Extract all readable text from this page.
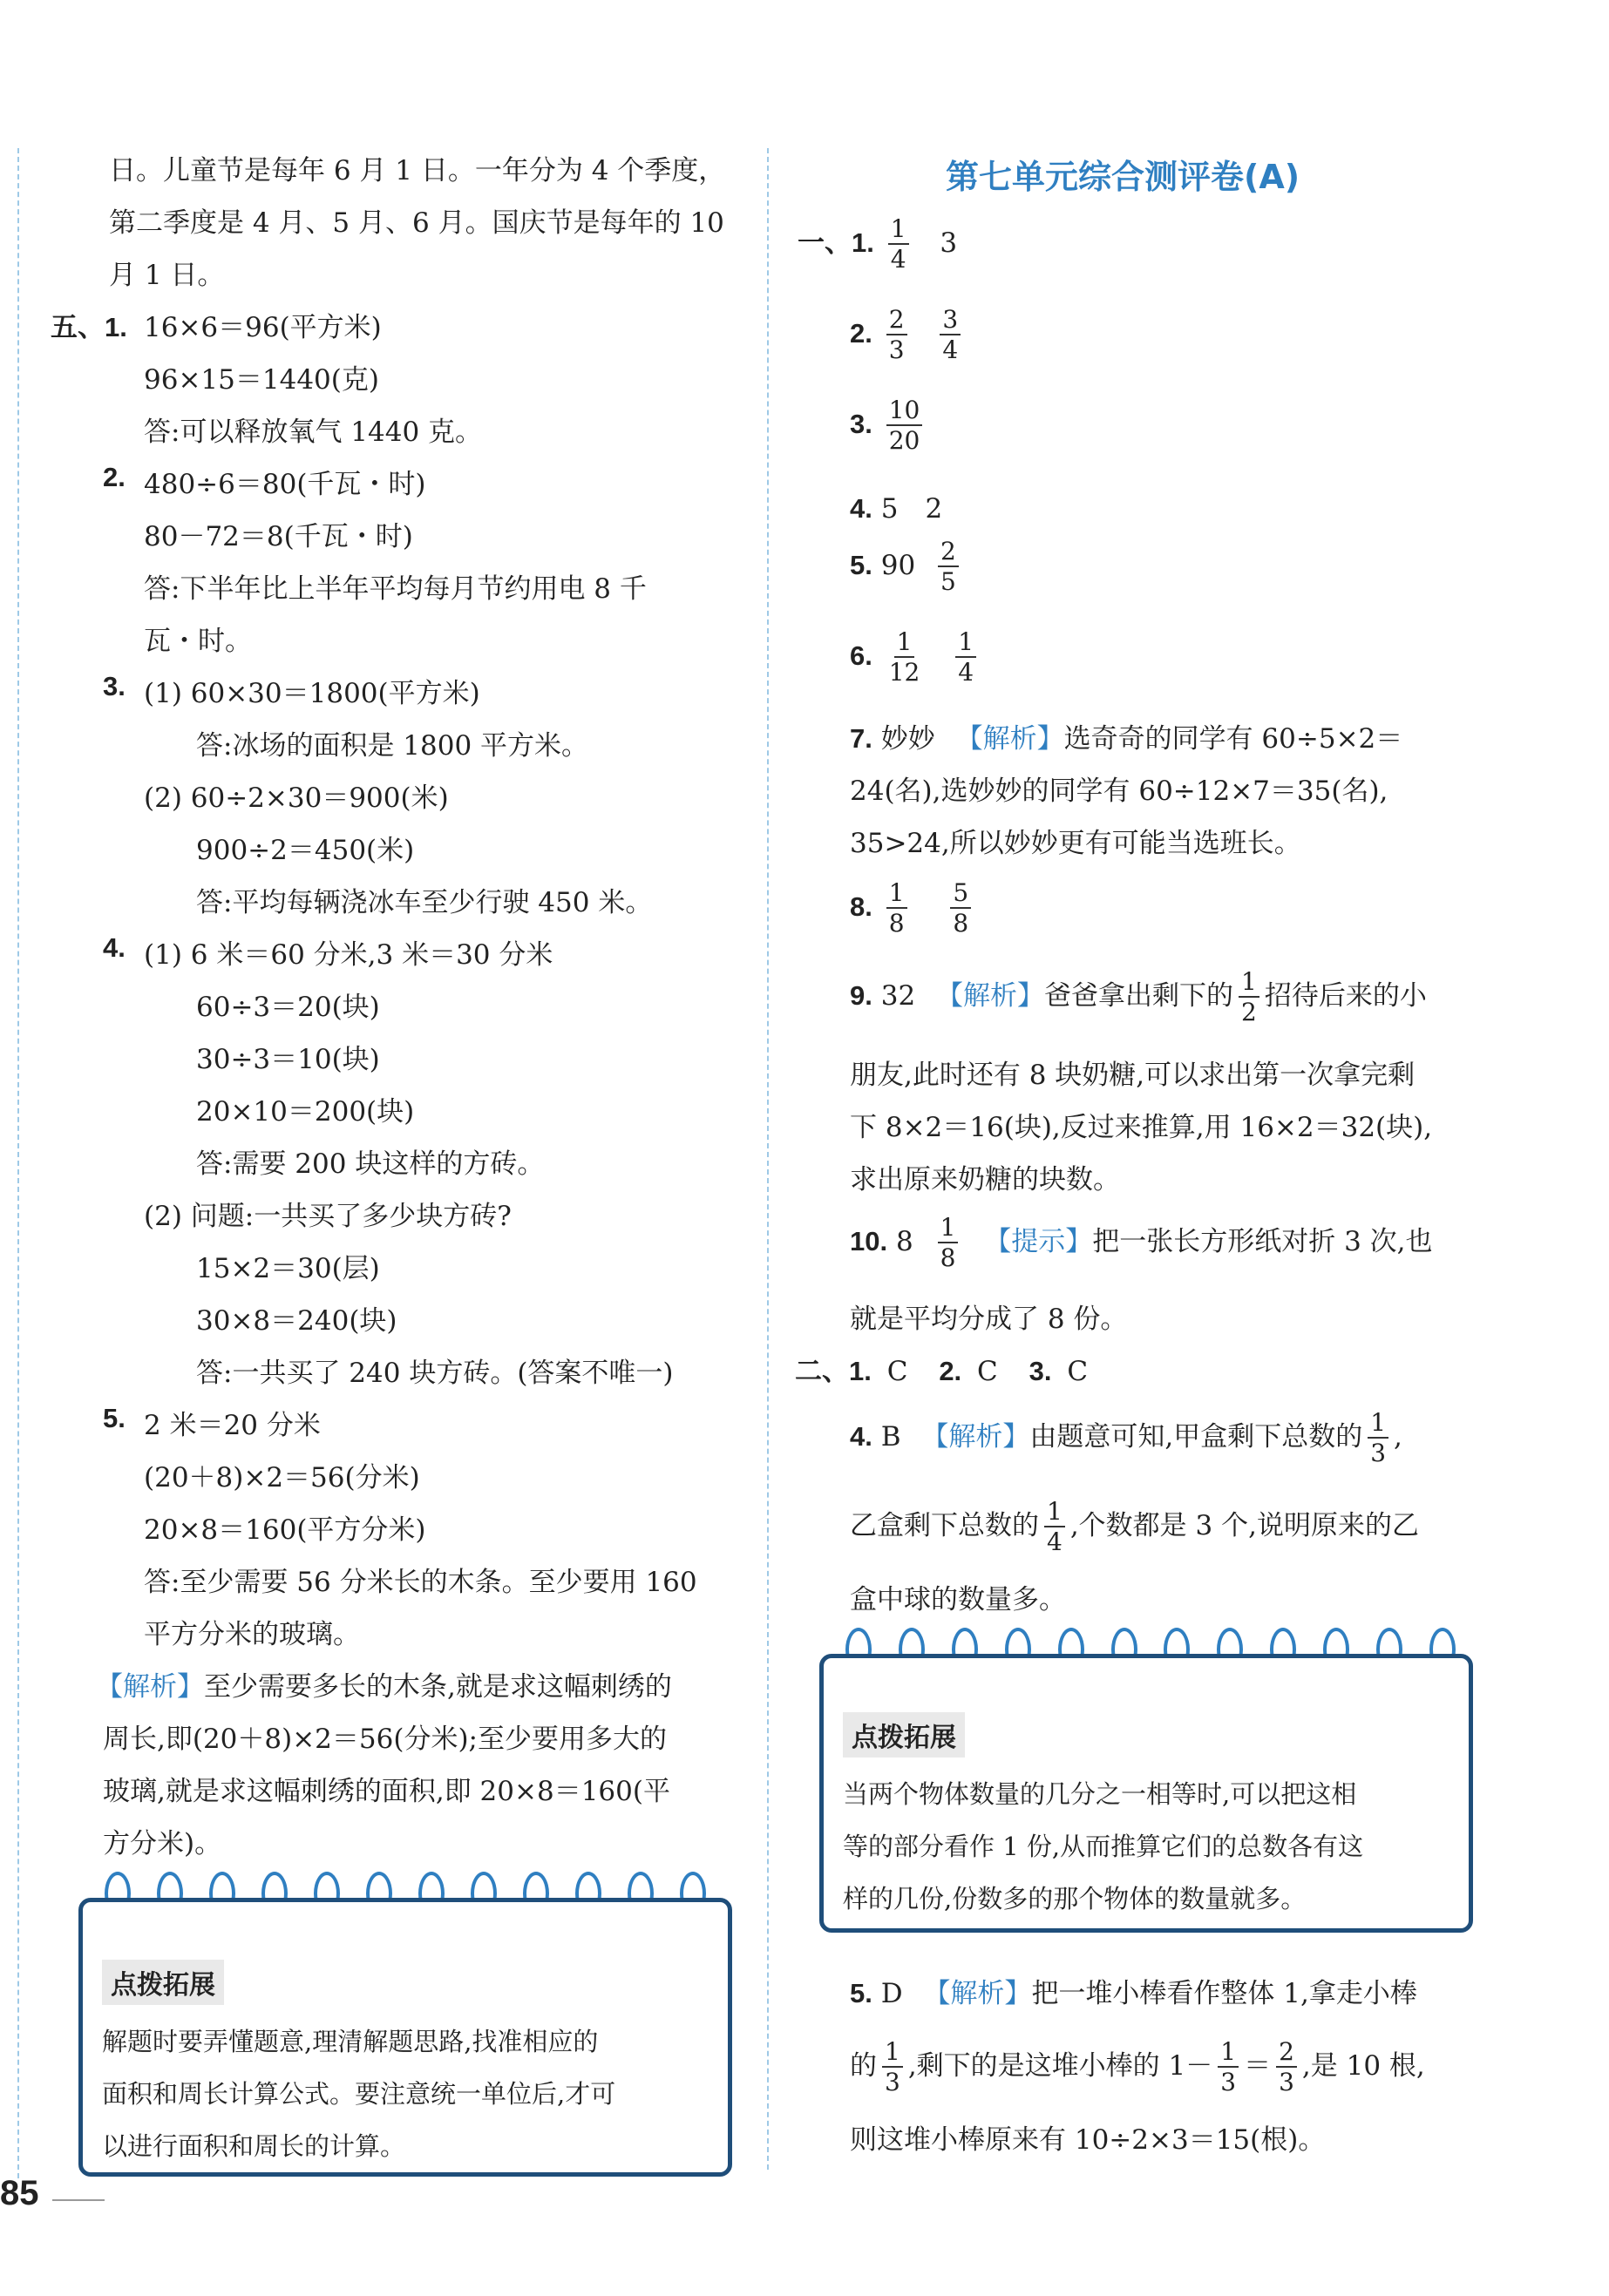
日。儿童节是每年 6 月 1 日。一年分为 4 个季度，
第二季度是 4 月、5 月、6 月。国庆节是每年的 10
月 1 日。
五、1. 16×6＝96(平方米)
96×15＝1440(克)
答:可以释放氧气 1440 克。
2. 480÷6＝80(千瓦・时)
80－72＝8(千瓦・时)
答:下半年比上半年平均每月节约用电 8 千
瓦・时。
3. (1) 60×30＝1800(平方米)
答:冰场的面积是 1800 平方米。
(2) 60÷2×30＝900(米)
900÷2＝450(米)
答:平均每辆浇冰车至少行驶 450 米。
4. (1) 6 米＝60 分米,3 米＝30 分米
60÷3＝20(块)
30÷3＝10(块)
20×10＝200(块)
答:需要 200 块这样的方砖。
(2) 问题:一共买了多少块方砖?
15×2＝30(层)
30×8＝240(块)
答:一共买了 240 块方砖。(答案不唯一)
5. 2 米＝20 分米
(20＋8)×2＝56(分米)
20×8＝160(平方分米)
答:至少需要 56 分米长的木条。至少要用 160
平方分米的玻璃。
【解析】至少需要多长的木条,就是求这幅刺绣的
周长,即(20＋8)×2＝56(分米);至少要用多大的
玻璃,就是求这幅刺绣的面积,即 20×8＝160(平
方分米)。
点拨拓展
解题时要弄懂题意,理清解题思路,找准相应的
面积和周长计算公式。要注意统一单位后,才可
以进行面积和周长的计算。
85
第七单元综合测评卷(A)
一、1. $\frac{1}{4} 3$
2. $\frac{2}{3}$
$\frac{3}{4}$
3. $\frac{10}{20}$
4. 5　2
5. $90 \frac{2}{5}$
6. $\frac{1}{12}$
$\frac{1}{4}$
7. 妙妙 【解析】选奇奇的同学有 60÷5×2＝
24(名),选妙妙的同学有 60÷12×7＝35(名),
35>24,所以妙妙更有可能当选班长。
8. $\frac{1}{8}$
$\frac{5}{8}$
9. 32 【解析】爸爸拿出剩下的 $\frac{1}{2}$ 招待后来的小
朋友,此时还有 8 块奶糖,可以求出第一次拿完剩
下 8×2＝16(块),反过来推算,用 16×2＝32(块),
求出原来奶糖的块数。
10. $8 \frac{1}{8}$ 【提示】把一张长方形纸对折 3 次,也
就是平均分成了 8 份。
二、1. C 2. C 3. C
4. B 【解析】由题意可知,甲盒剩下总数的 $\frac{1}{3}$ ,
乙盒剩下总数的 $\frac{1}{4}$ ,个数都是 3 个,说明原来的乙
盒中球的数量多。
点拨拓展
当两个物体数量的几分之一相等时,可以把这相
等的部分看作 1 份,从而推算它们的总数各有这
样的几份,份数多的那个物体的数量就多。
5. D 【解析】把一堆小棒看作整体 1,拿走小棒
的 $\frac{1}{3}$ ,剩下的是这堆小棒的 $1- \frac{1}{3} = \frac{2}{3}$ ,是 10 根,
则这堆小棒原来有 10÷2×3＝15(根)。
